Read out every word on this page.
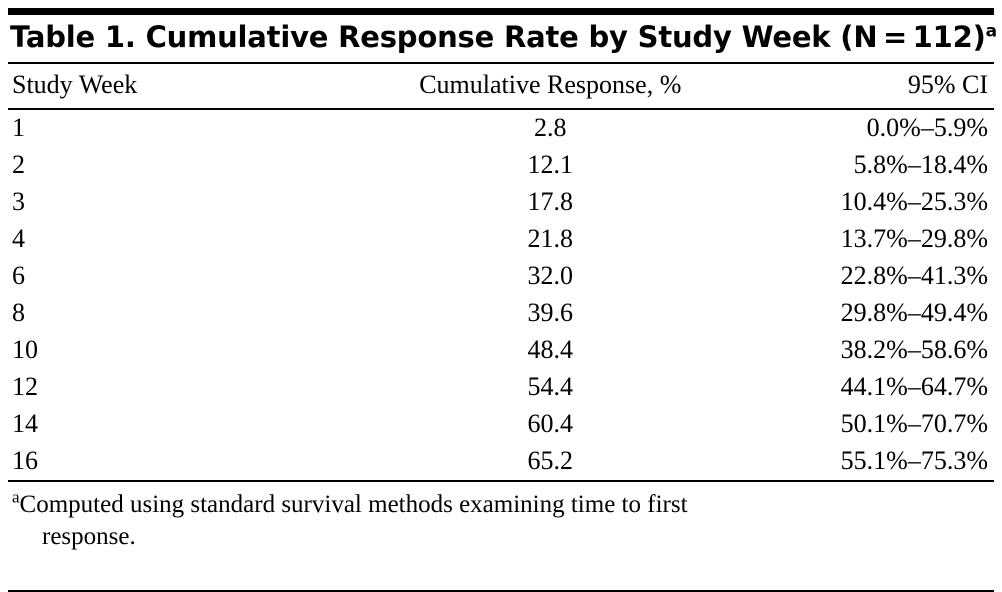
Table 1. Cumulative Response Rate by Study Week (N = 112)$^a$
Study Week	Cumulative Response, %	95% CI
1	2.8	0.0%–5.9%
2	12.1	5.8%–18.4%
3	17.8	10.4%–25.3%
4	21.8	13.7%–29.8%
6	32.0	22.8%–41.3%
8	39.6	29.8%–49.4%
10	48.4	38.2%–58.6%
12	54.4	44.1%–64.7%
14	60.4	50.1%–70.7%
16	65.2	55.1%–75.3%
$^a$Computed using standard survival methods examining time to first
response.
